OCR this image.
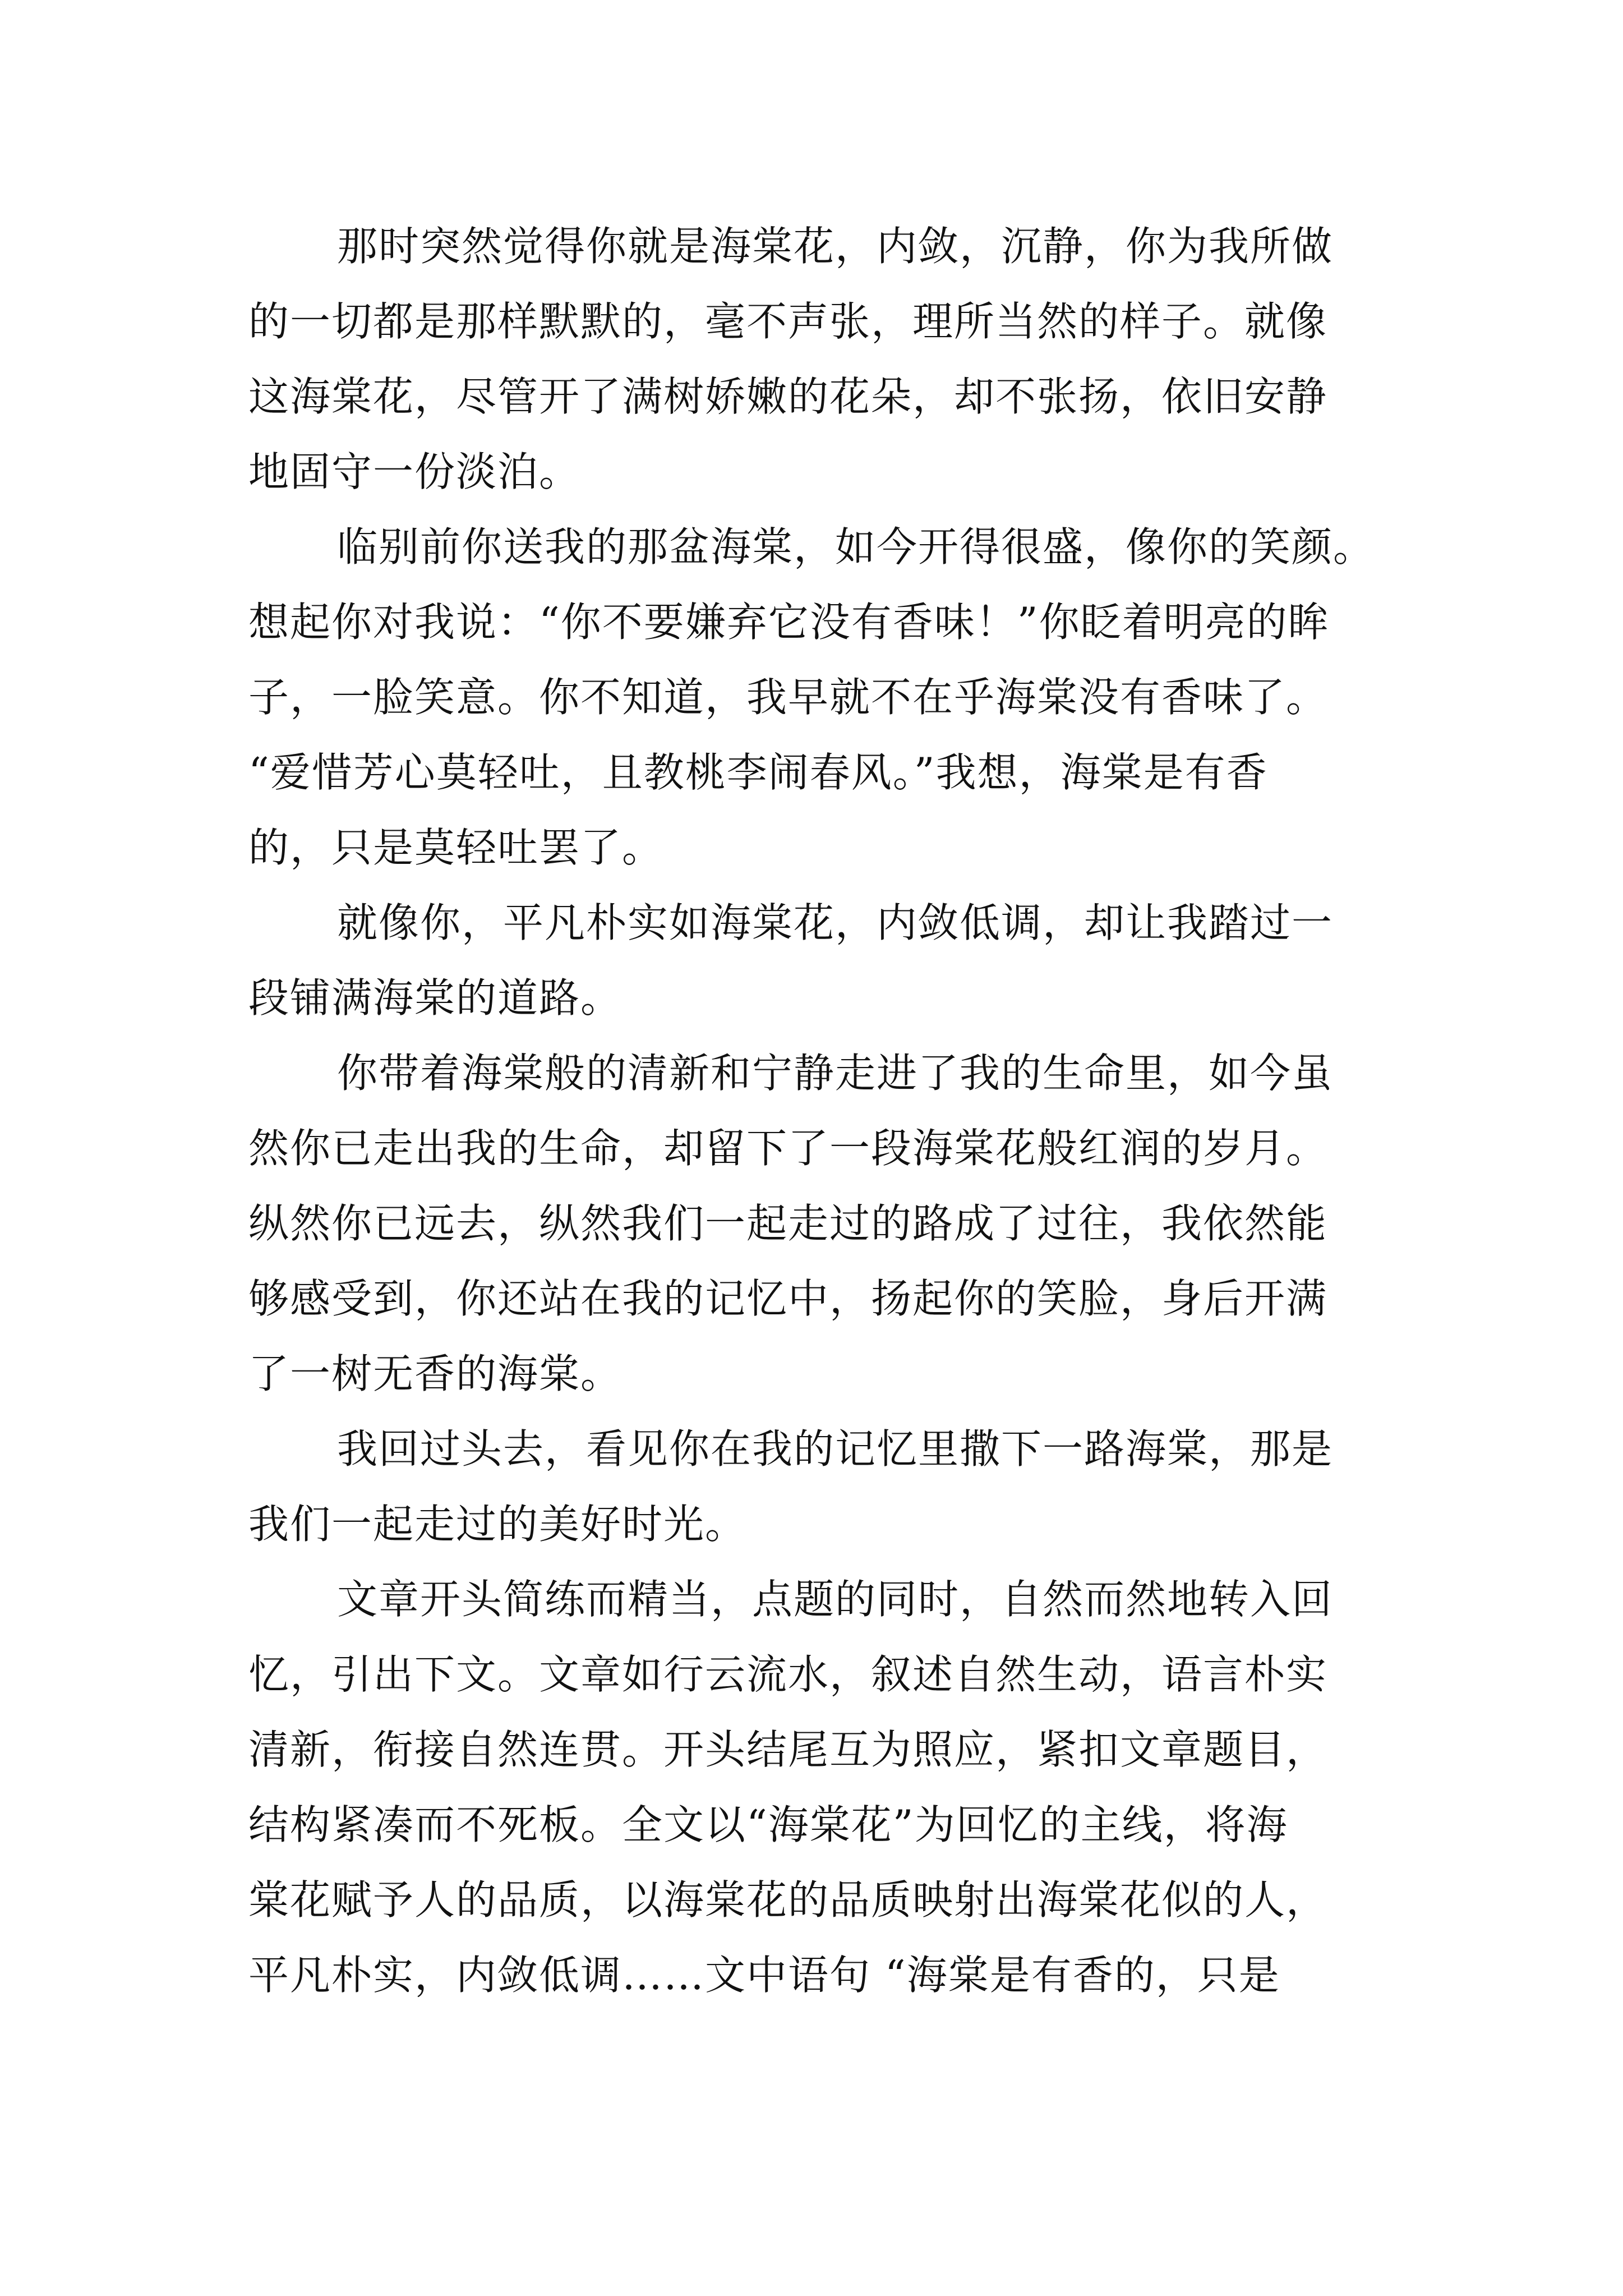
那时突然觉得你就是海棠花，内敛，沉静，你为我所做
的一切都是那样默默的，毫不声张，理所当然的样子。就像
这海棠花，尽管开了满树娇嫩的花朵，却不张扬，依旧安静
地固守一份淡泊。
临别前你送我的那盆海棠，如今开得很盛，像你的笑颜。
想起你对我说：“你不要嫌弃它没有香味！”你眨着明亮的眸
子，一脸笑意。你不知道，我早就不在乎海棠没有香味了。
“爱惜芳心莫轻吐，且教桃李闹春风。”我想，海棠是有香
的，只是莫轻吐罢了。
就像你，平凡朴实如海棠花，内敛低调，却让我踏过一
段铺满海棠的道路。
你带着海棠般的清新和宁静走进了我的生命里，如今虽
然你已走出我的生命，却留下了一段海棠花般红润的岁月。
纵然你已远去，纵然我们一起走过的路成了过往，我依然能
够感受到，你还站在我的记忆中，扬起你的笑脸，身后开满
了一树无香的海棠。
我回过头去，看见你在我的记忆里撒下一路海棠，那是
我们一起走过的美好时光。
文章开头简练而精当，点题的同时，自然而然地转入回
忆，引出下文。文章如行云流水，叙述自然生动，语言朴实
清新，衔接自然连贯。开头结尾互为照应，紧扣文章题目，
结构紧凑而不死板。全文以“海棠花”为回忆的主线，将海
棠花赋予人的品质，以海棠花的品质映射出海棠花似的人，
平凡朴实，内敛低调……文中语句 “海棠是有香的，只是
